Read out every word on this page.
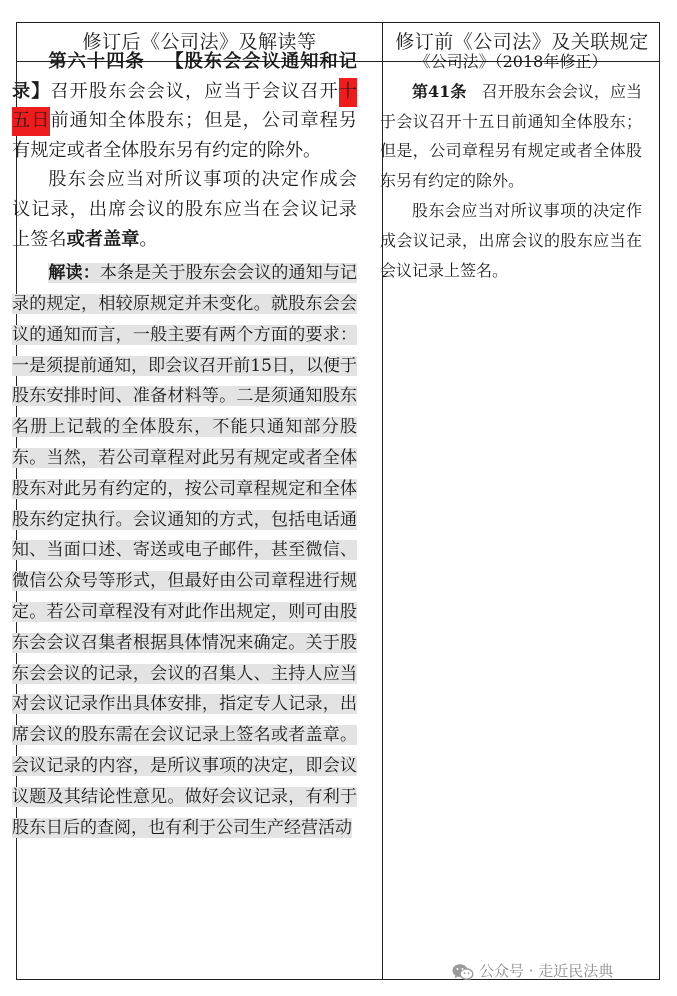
修订后《公司法》及解读等	修订前《公司法》及关联规定

第六十四条 【股东会会议通知和记录】召开股东会会议，应当于会议召开十五日前通知全体股东；但是，公司章程另有规定或者全体股东另有约定的除外。

股东会应当对所议事项的决定作成会议记录，出席会议的股东应当在会议记录上签名或者盖章。

解读：本条是关于股东会会议的通知与记录的规定，相较原规定并未变化。就股东会会议的通知而言，一般主要有两个方面的要求：一是须提前通知，即会议召开前15日，以便于股东安排时间、准备材料等。二是须通知股东名册上记载的全体股东，不能只通知部分股东。当然，若公司章程对此另有规定或者全体股东对此另有约定的，按公司章程规定和全体股东约定执行。会议通知的方式，包括电话通知、当面口述、寄送或电子邮件，甚至微信、微信公众号等形式，但最好由公司章程进行规定。若公司章程没有对此作出规定，则可由股东会会议召集者根据具体情况来确定。关于股东会会议的记录，会议的召集人、主持人应当对会议记录作出具体安排，指定专人记录，出席会议的股东需在会议记录上签名或者盖章。会议记录的内容，是所议事项的决定，即会议议题及其结论性意见。做好会议记录，有利于股东日后的查阅，也有利于公司生产经营活动

《公司法》（2018年修正）

第41条 召开股东会会议，应当于会议召开十五日前通知全体股东；但是，公司章程另有规定或者全体股东另有约定的除外。

股东会应当对所议事项的决定作成会议记录，出席会议的股东应当在会议记录上签名。

公众号 · 走近民法典
